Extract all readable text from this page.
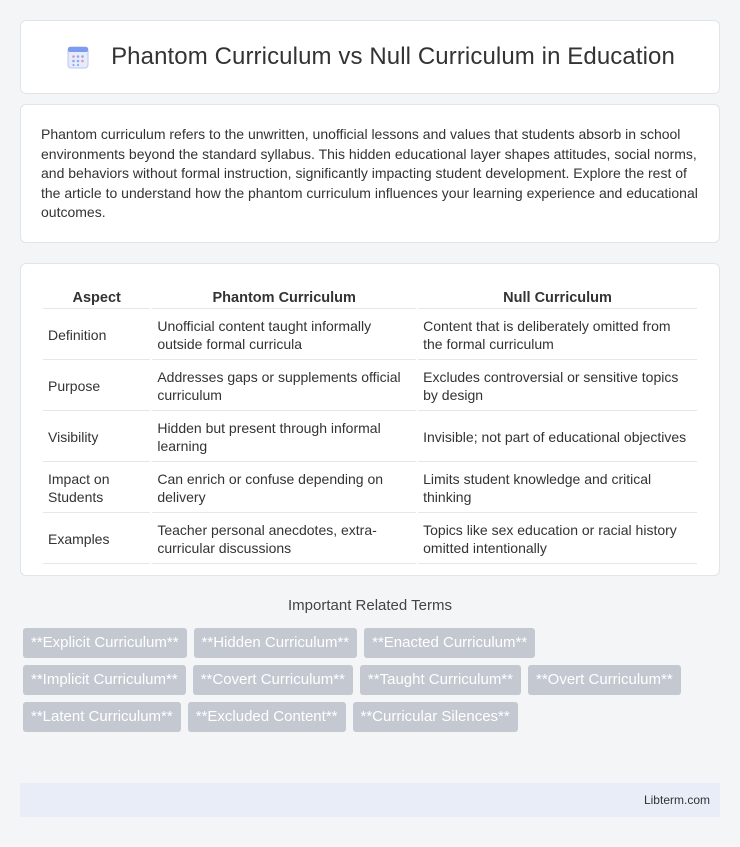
Phantom Curriculum vs Null Curriculum in Education

Phantom curriculum refers to the unwritten, unofficial lessons and values that students absorb in school environments beyond the standard syllabus. This hidden educational layer shapes attitudes, social norms, and behaviors without formal instruction, significantly impacting student development. Explore the rest of the article to understand how the phantom curriculum influences your learning experience and educational outcomes.

Aspect	Phantom Curriculum	Null Curriculum
Definition	Unofficial content taught informally outside formal curricula	Content that is deliberately omitted from the formal curriculum
Purpose	Addresses gaps or supplements official curriculum	Excludes controversial or sensitive topics by design
Visibility	Hidden but present through informal learning	Invisible; not part of educational objectives
Impact on Students	Can enrich or confuse depending on delivery	Limits student knowledge and critical thinking
Examples	Teacher personal anecdotes, extra-curricular discussions	Topics like sex education or racial history omitted intentionally
Important Related Terms
**Explicit Curriculum**	**Hidden Curriculum**	**Enacted Curriculum**
**Implicit Curriculum**	**Covert Curriculum**	**Taught Curriculum**	**Overt Curriculum**
**Latent Curriculum**	**Excluded Content**	**Curricular Silences**
Libterm.com
